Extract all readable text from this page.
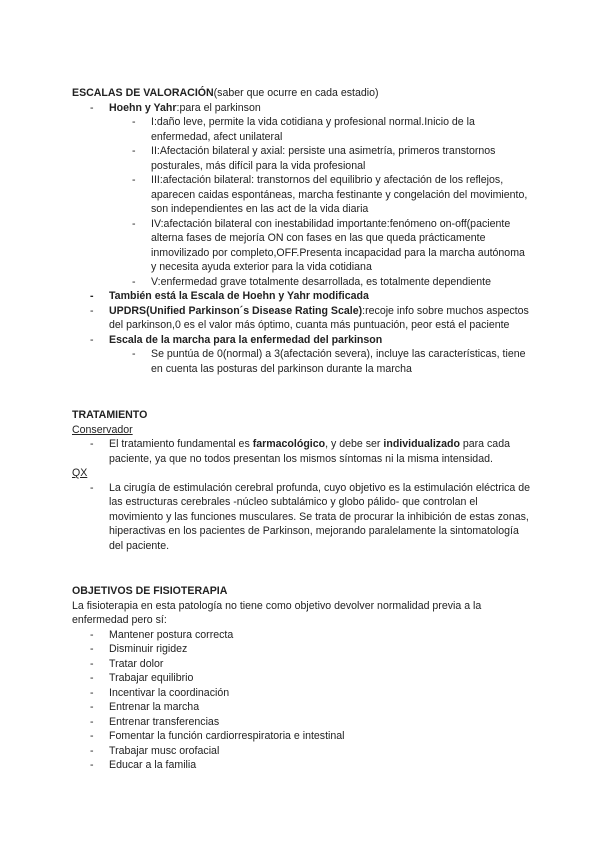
ESCALAS DE VALORACIÓN(saber que ocurre en cada estadio)

- Hoehn y Yahr:para el parkinson
- I:daño leve, permite la vida cotidiana y profesional normal.Inicio de la enfermedad, afect unilateral
- II:Afectación bilateral y axial: persiste una asimetría, primeros transtornos posturales, más difícil para la vida profesional
- III:afectación bilateral: transtornos del equilibrio y afectación de los reflejos, aparecen caidas espontáneas, marcha festinante y congelación del movimiento, son independientes en las act de la vida diaria
- IV:afectación bilateral con inestabilidad importante:fenómeno on-off(paciente alterna fases de mejoría ON con fases en las que queda prácticamente inmovilizado por completo,OFF.Presenta incapacidad para la marcha autónoma y necesita ayuda exterior para la vida cotidiana
- V:enfermedad grave totalmente desarrollada, es totalmente dependiente
- También está la Escala de Hoehn y Yahr modificada
- UPDRS(Unified Parkinson´s Disease Rating Scale):recoje info sobre muchos aspectos del parkinson,0 es el valor más óptimo, cuanta más puntuación, peor está el paciente
- Escala de la marcha para la enfermedad del parkinson
- Se puntúa de 0(normal) a 3(afectación severa), incluye las características, tiene en cuenta las posturas del parkinson durante la marcha

TRATAMIENTO

Conservador

- El tratamiento fundamental es farmacológico, y debe ser individualizado para cada paciente, ya que no todos presentan los mismos síntomas ni la misma intensidad.

QX

- La cirugía de estimulación cerebral profunda, cuyo objetivo es la estimulación eléctrica de las estructuras cerebrales -núcleo subtalámico y globo pálido- que controlan el movimiento y las funciones musculares. Se trata de procurar la inhibición de estas zonas, hiperactivas en los pacientes de Parkinson, mejorando paralelamente la sintomatología del paciente.

OBJETIVOS DE FISIOTERAPIA

La fisioterapia en esta patología no tiene como objetivo devolver normalidad previa a la enfermedad pero sí:

- Mantener postura correcta
- Disminuir rigidez
- Tratar dolor
- Trabajar equilibrio
- Incentivar la coordinación
- Entrenar la marcha
- Entrenar transferencias
- Fomentar la función cardiorrespiratoria e intestinal
- Trabajar musc orofacial
- Educar a la familia
